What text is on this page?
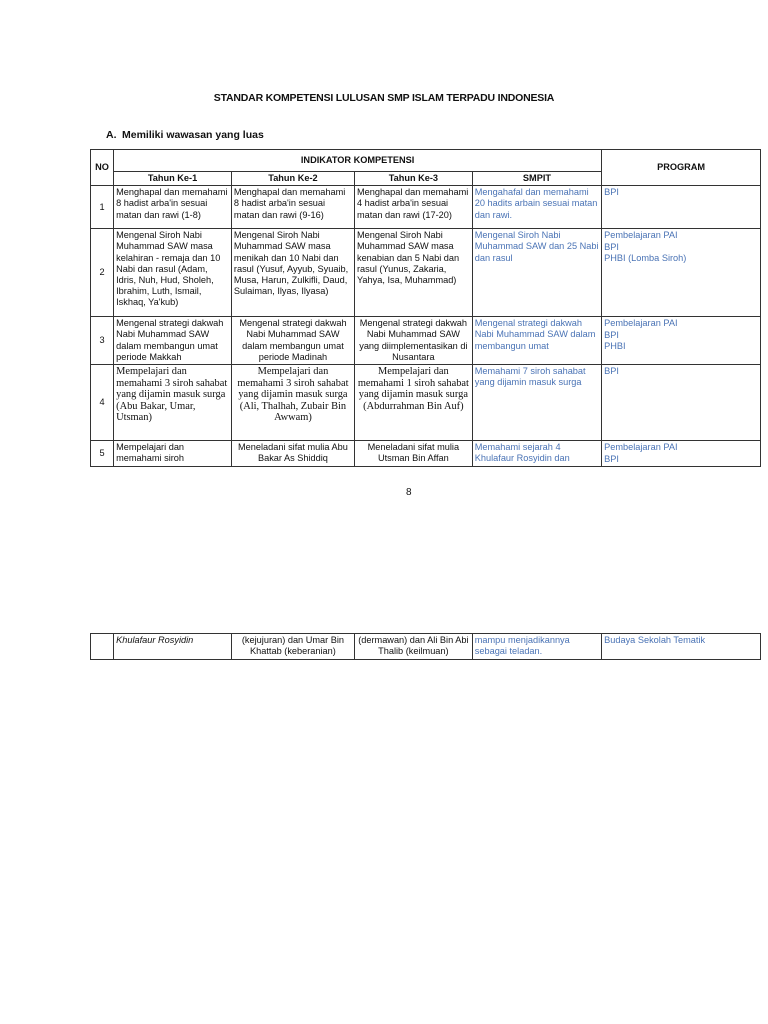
STANDAR KOMPETENSI LULUSAN SMP ISLAM TERPADU INDONESIA
A. Memiliki wawasan yang luas
NO	INDIKATOR KOMPETENSI				PROGRAM
	Tahun Ke-1	Tahun Ke-2	Tahun Ke-3	SMPIT	
1	Menghapal dan memahami 8 hadist arba'in sesuai matan dan rawi (1-8)	Menghapal dan memahami 8 hadist arba'in sesuai matan dan rawi (9-16)	Menghapal dan memahami 4 hadist arba'in sesuai matan dan rawi (17-20)	Mengahafal dan memahami 20 hadits arbain sesuai matan dan rawi.	BPI

2	Mengenal Siroh Nabi Muhammad SAW masa kelahiran - remaja dan 10 Nabi dan rasul (Adam, Idris, Nuh, Hud, Sholeh, Ibrahim, Luth, Ismail, Iskhaq, Ya'kub)	Mengenal Siroh Nabi Muhammad SAW masa menikah dan 10 Nabi dan rasul (Yusuf, Ayyub, Syuaib, Musa, Harun, Zulkifli, Daud, Sulaiman, Ilyas, Ilyasa)	Mengenal Siroh Nabi Muhammad SAW masa kenabian dan 5 Nabi dan rasul (Yunus, Zakaria, Yahya, Isa, Muhammad)	Mengenal Siroh Nabi Muhammad SAW dan 25 Nabi dan rasul	Pembelajaran PAI
BPI
PHBI (Lomba Siroh)

3	Mengenal strategi dakwah Nabi Muhammad SAW dalam membangun umat periode Makkah	Mengenal strategi dakwah Nabi Muhammad SAW dalam membangun umat periode Madinah	Mengenal strategi dakwah Nabi Muhammad SAW yang diimplementasikan di Nusantara	Mengenal strategi dakwah Nabi Muhammad SAW dalam membangun umat	Pembelajaran PAI
BPI
PHBI

4	Mempelajari dan memahami 3 siroh sahabat yang dijamin masuk surga (Abu Bakar, Umar, Utsman)	Mempelajari dan memahami 3 siroh sahabat yang dijamin masuk surga (Ali, Thalhah, Zubair Bin Awwam)	Mempelajari dan memahami 1 siroh sahabat yang dijamin masuk surga (Abdurrahman Bin Auf)	Memahami 7 siroh sahabat yang dijamin masuk surga	BPI

5	Mempelajari dan memahami siroh	Meneladani sifat mulia Abu Bakar As Shiddiq	Meneladani sifat mulia Utsman Bin Affan	Memahami sejarah 4 Khulafaur Rosyidin dan	Pembelajaran PAI
BPI
8
	Khulafaur Rosyidin	(kejujuran) dan Umar Bin Khattab (keberanian)	(dermawan) dan Ali Bin Abi Thalib (keilmuan)	mampu menjadikannya sebagai teladan.	
Budaya Sekolah Tematik
